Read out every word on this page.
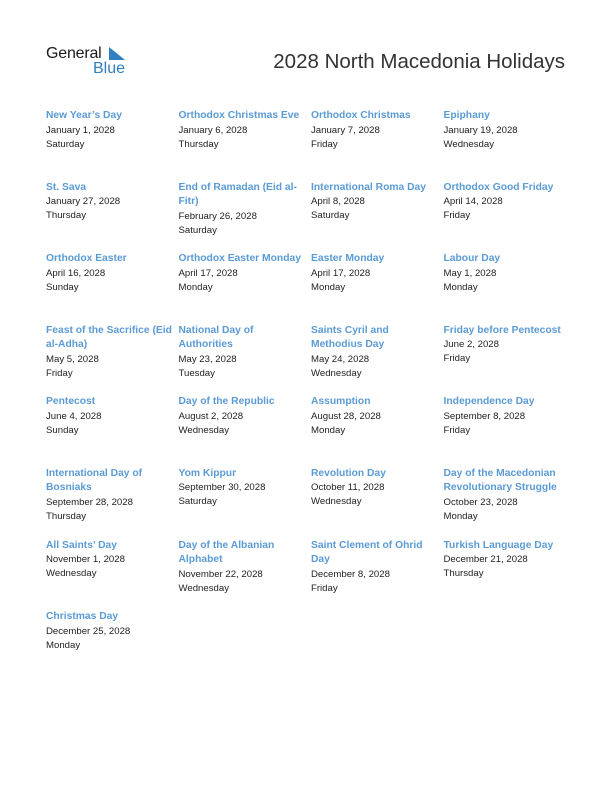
General
Blue	2028 North Macedonia Holidays
New Year’s Day
January 1, 2028
Saturday
Orthodox Christmas Eve
January 6, 2028
Thursday
Orthodox Christmas
January 7, 2028
Friday
Epiphany
January 19, 2028
Wednesday
St. Sava
January 27, 2028
Thursday
End of Ramadan (Eid al-Fitr)
February 26, 2028
Saturday
International Roma Day
April 8, 2028
Saturday
Orthodox Good Friday
April 14, 2028
Friday
Orthodox Easter
April 16, 2028
Sunday
Orthodox Easter Monday
April 17, 2028
Monday
Easter Monday
April 17, 2028
Monday
Labour Day
May 1, 2028
Monday
Feast of the Sacrifice (Eid al-Adha)
May 5, 2028
Friday
National Day of Authorities
May 23, 2028
Tuesday
Saints Cyril and Methodius Day
May 24, 2028
Wednesday
Friday before Pentecost
June 2, 2028
Friday
Pentecost
June 4, 2028
Sunday
Day of the Republic
August 2, 2028
Wednesday
Assumption
August 28, 2028
Monday
Independence Day
September 8, 2028
Friday
International Day of Bosniaks
September 28, 2028
Thursday
Yom Kippur
September 30, 2028
Saturday
Revolution Day
October 11, 2028
Wednesday
Day of the Macedonian Revolutionary Struggle
October 23, 2028
Monday
All Saints’ Day
November 1, 2028
Wednesday
Day of the Albanian Alphabet
November 22, 2028
Wednesday
Saint Clement of Ohrid Day
December 8, 2028
Friday
Turkish Language Day
December 21, 2028
Thursday
Christmas Day
December 25, 2028
Monday
